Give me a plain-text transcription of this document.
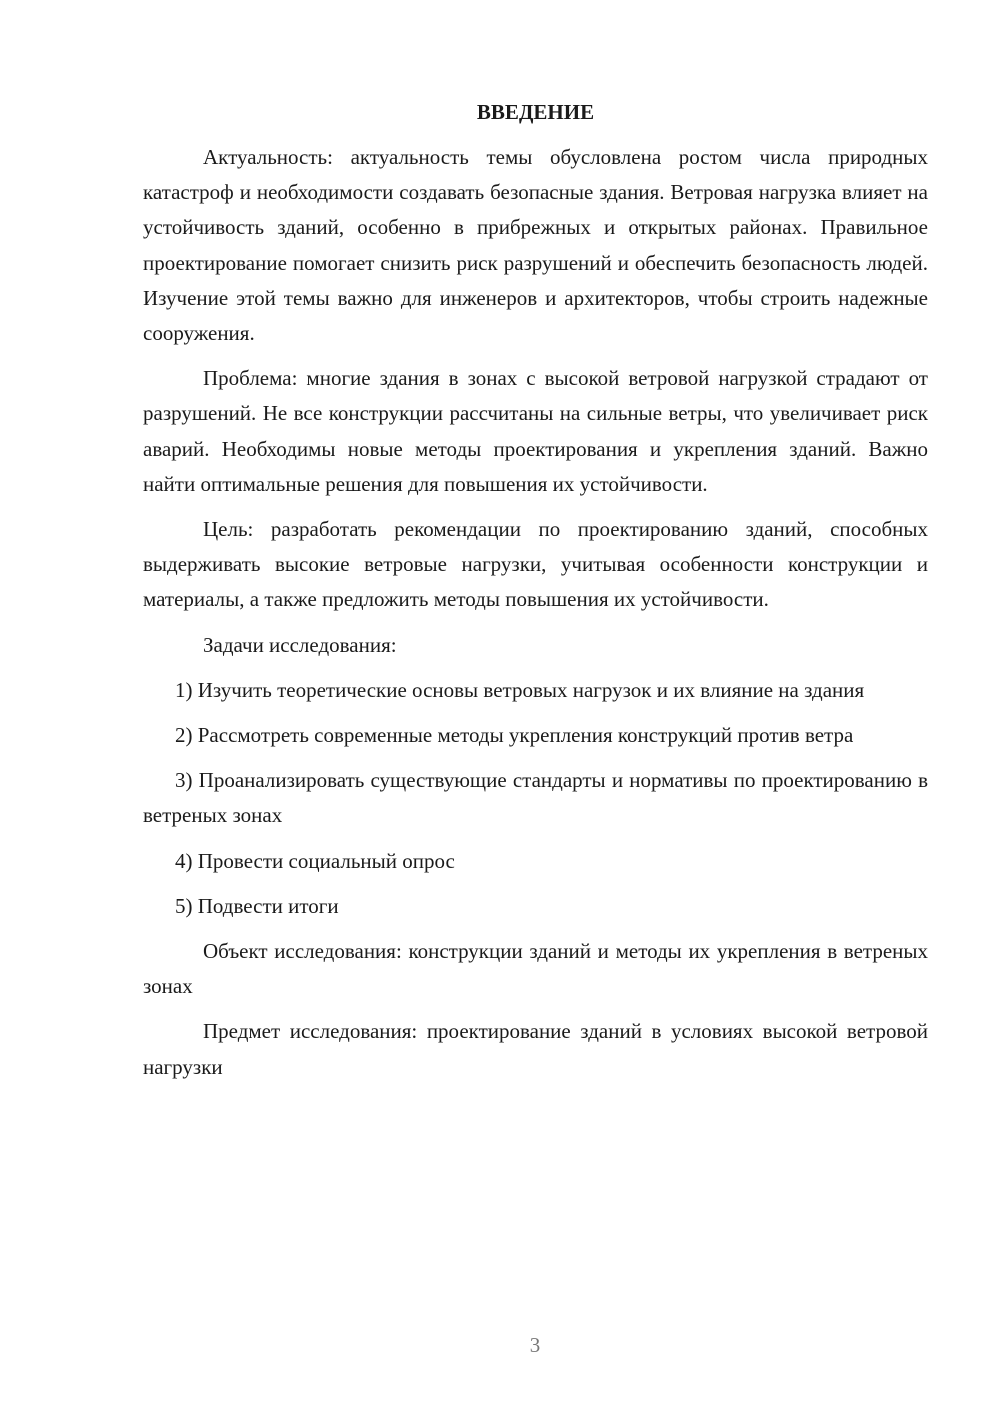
ВВЕДЕНИЕ

Актуальность: актуальность темы обусловлена ростом числа природных катастроф и необходимости создавать безопасные здания. Ветровая нагрузка влияет на устойчивость зданий, особенно в прибрежных и открытых районах. Правильное проектирование помогает снизить риск разрушений и обеспечить безопасность людей. Изучение этой темы важно для инженеров и архитекторов, чтобы строить надежные сооружения.

Проблема: многие здания в зонах с высокой ветровой нагрузкой страдают от разрушений. Не все конструкции рассчитаны на сильные ветры, что увеличивает риск аварий. Необходимы новые методы проектирования и укрепления зданий. Важно найти оптимальные решения для повышения их устойчивости.

Цель: разработать рекомендации по проектированию зданий, способных выдерживать высокие ветровые нагрузки, учитывая особенности конструкции и материалы, а также предложить методы повышения их устойчивости.

Задачи исследования:

1) Изучить теоретические основы ветровых нагрузок и их влияние на здания

2) Рассмотреть современные методы укрепления конструкций против ветра

3) Проанализировать существующие стандарты и нормативы по проектированию в ветреных зонах

4) Провести социальный опрос

5) Подвести итоги

Объект исследования: конструкции зданий и методы их укрепления в ветреных зонах

Предмет исследования: проектирование зданий в условиях высокой ветровой нагрузки

3
